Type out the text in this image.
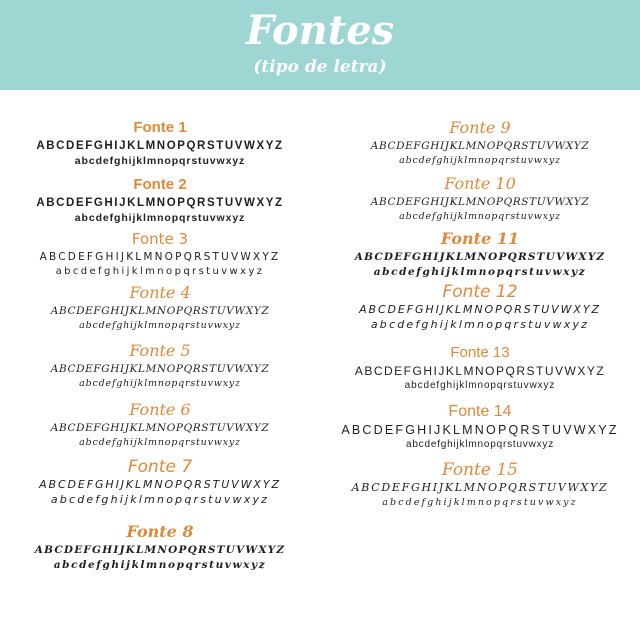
Fontes
(tipo de letra)
Fonte 1
ABCDEFGHIJKLMNOPQRSTUVWXYZ
abcdefghijklmnopqrstuvwxyz
Fonte 2
ABCDEFGHIJKLMNOPQRSTUVWXYZ
abcdefghijklmnopqrstuvwxyz
Fonte 3
ABCDEFGHIJKLMNOPQRSTUVWXYZ
abcdefghijklmnopqrstuvwxyz
Fonte 4
ABCDEFGHIJKLMNOPQRSTUVWXYZ
abcdefghijklmnopqrstuvwxyz
Fonte 5
ABCDEFGHIJKLMNOPQRSTUVWXYZ
abcdefghijklmnopqrstuvwxyz
Fonte 6
ABCDEFGHIJKLMNOPQRSTUVWXYZ
abcdefghijklmnopqrstuvwxyz
Fonte 7
ABCDEFGHIJKLMNOPQRSTUVWXYZ
abcdefghijklmnopqrstuvwxyz
Fonte 8
ABCDEFGHIJKLMNOPQRSTUVWXYZ
abcdefghijklmnopqrstuvwxyz
Fonte 9
ABCDEFGHIJKLMNOPQRSTUVWXYZ
abcdefghijklmnopqrstuvwxyz
Fonte 10
ABCDEFGHIJKLMNOPQRSTUVWXYZ
abcdefghijklmnopqrstuvwxyz
Fonte 11
ABCDEFGHIJKLMNOPQRSTUVWXYZ
abcdefghijklmnopqrstuvwxyz
Fonte 12
ABCDEFGHIJKLMNOPQRSTUVWXYZ
abcdefghijklmnopqrstuvwxyz
Fonte 13
ABCDEFGHIJKLMNOPQRSTUVWXYZ
abcdefghijklmnopqrstuvwxyz
Fonte 14
ABCDEFGHIJKLMNOPQRSTUVWXYZ
abcdefghijklmnopqrstuvwxyz
Fonte 15
ABCDEFGHIJKLMNOPQRSTUVWXYZ
abcdefghijklmnopqrstuvwxyz
